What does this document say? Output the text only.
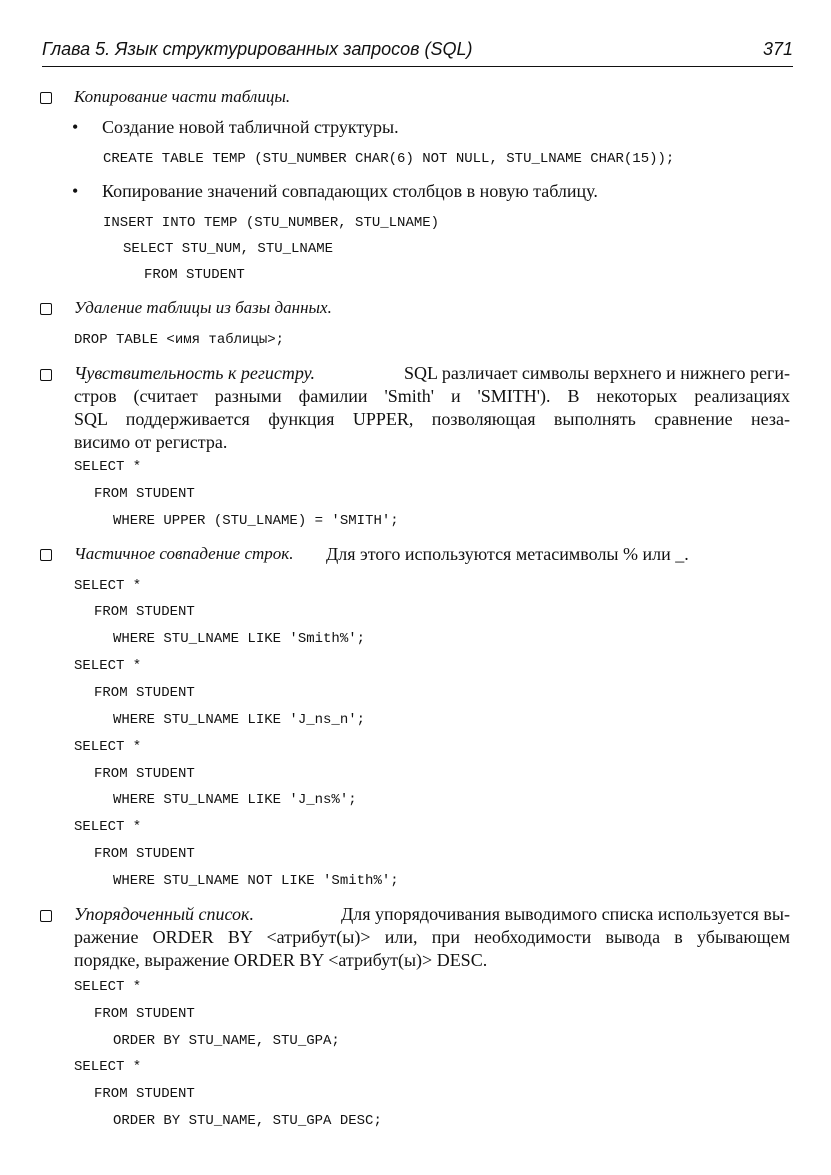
Глава 5. Язык структурированных запросов (SQL)	371
Копирование части таблицы.
• Создание новой табличной структуры.
CREATE TABLE TEMP (STU_NUMBER CHAR(6) NOT NULL, STU_LNAME CHAR(15));
• Копирование значений совпадающих столбцов в новую таблицу.
INSERT INTO TEMP (STU_NUMBER, STU_LNAME)
SELECT STU_NUM, STU_LNAME
FROM STUDENT
Удаление таблицы из базы данных.
DROP TABLE <имя таблицы>;
Чувствительность к регистру.	SQL различает символы верхнего и нижнего реги-
стров (считает разными фамилии 'Smith' и 'SMITH'). В некоторых реализациях
SQL поддерживается функция UPPER, позволяющая выполнять сравнение неза-
висимо от регистра.
SELECT *
FROM STUDENT
WHERE UPPER (STU_LNAME) = 'SMITH';
Частичное совпадение строк. Для этого используются метасимволы % или _.
SELECT *
FROM STUDENT
WHERE STU_LNAME LIKE 'Smith%';
SELECT *
FROM STUDENT
WHERE STU_LNAME LIKE 'J_ns_n';
SELECT *
FROM STUDENT
WHERE STU_LNAME LIKE 'J_ns%';
SELECT *
FROM STUDENT
WHERE STU_LNAME NOT LIKE 'Smith%';
Упорядоченный список.	Для упорядочивания выводимого списка используется вы-
ражение ORDER BY <атрибут(ы)> или, при необходимости вывода в убывающем
порядке, выражение ORDER BY <атрибут(ы)> DESC.
SELECT *
FROM STUDENT
ORDER BY STU_NAME, STU_GPA;
SELECT *
FROM STUDENT
ORDER BY STU_NAME, STU_GPA DESC;
